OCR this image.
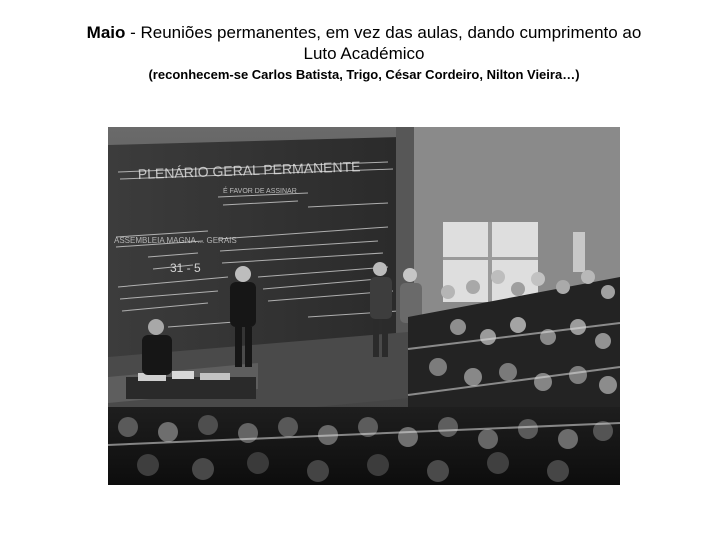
Maio - Reuniões permanentes, em vez das aulas, dando cumprimento ao
Luto Académico
(reconhecem-se Carlos Batista, Trigo, César Cordeiro, Nilton Vieira…)
PLENÁRIO GERAL PERMANENTE
É FAVOR DE ASSINAR
ASSEMBLEIA MAGNA ... GERAIS
31 - 5
